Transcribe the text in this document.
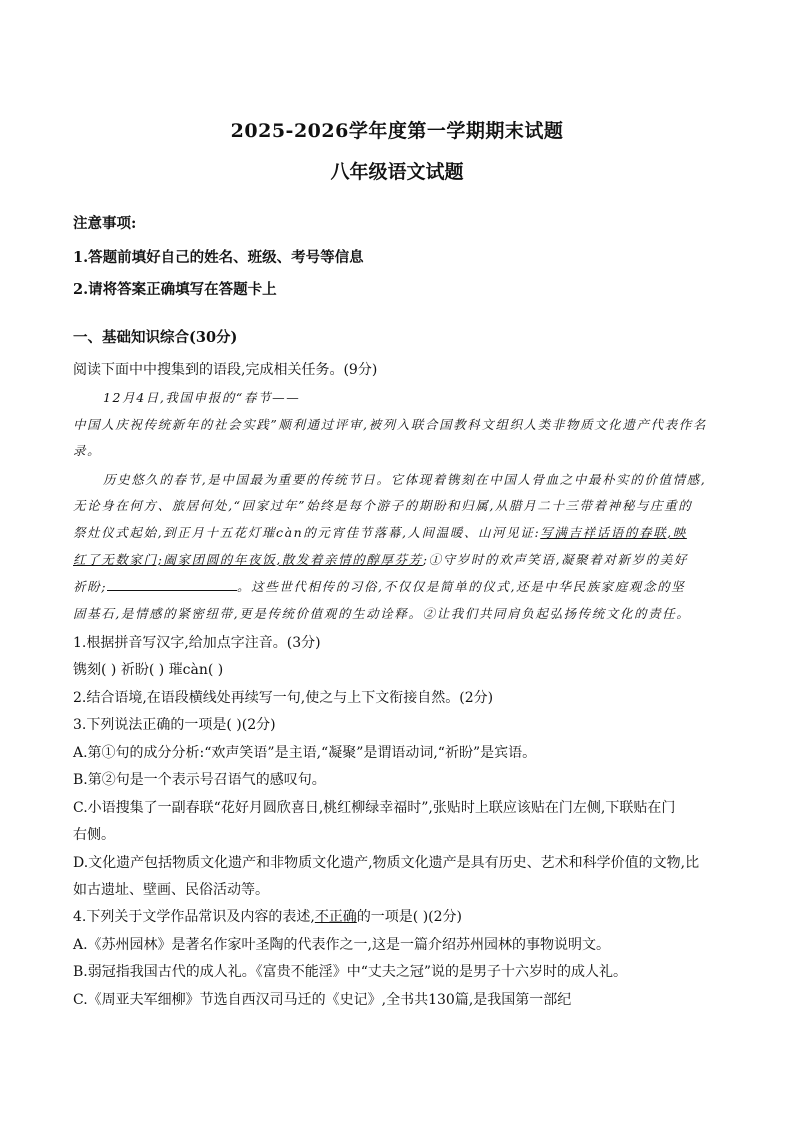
2025-2026学年度第一学期期末试题
八年级语文试题
注意事项:
1.答题前填好自己的姓名、班级、考号等信息
2.请将答案正确填写在答题卡上
一、基础知识综合(30分)
阅读下面中中搜集到的语段,完成相关任务。(9分)
12月4日,我国申报的“春节——
中国人庆祝传统新年的社会实践”顺利通过评审,被列入联合国教科文组织人类非物质文化遗产代表作名
录。
历史悠久的春节,是中国最为重要的传统节日。它体现着镌刻在中国人骨血之中最朴实的价值情感,
无论身在何方、旅居何处,“回家过年”始终是每个游子的期盼和归属,从腊月二十三带着神秘与庄重的
祭灶仪式起始,到正月十五花灯璀càn的元宵佳节落幕,人间温暖、山河见证:写满吉祥话语的春联,映
红了无数家门;阖家团圆的年夜饭,散发着亲情的醇厚芬芳;①守岁时的欢声笑语,凝聚着对新岁的美好
祈盼;	。这些世代相传的习俗,不仅仅是简单的仪式,还是中华民族家庭观念的坚
固基石,是情感的紧密纽带,更是传统价值观的生动诠释。②让我们共同肩负起弘扬传统文化的责任。
1.根据拼音写汉字,给加点字注音。(3分)
镌刻( ) 祈盼( ) 璀càn( )
2.结合语境,在语段横线处再续写一句,使之与上下文衔接自然。(2分)
3.下列说法正确的一项是( )(2分)
A.第①句的成分分析:“欢声笑语”是主语,“凝聚”是谓语动词,“祈盼”是宾语。
B.第②句是一个表示号召语气的感叹句。
C.小语搜集了一副春联“花好月圆欣喜日,桃红柳绿幸福时”,张贴时上联应该贴在门左侧,下联贴在门
右侧。
D.文化遗产包括物质文化遗产和非物质文化遗产,物质文化遗产是具有历史、艺术和科学价值的文物,比
如古遗址、壁画、民俗活动等。
4.下列关于文学作品常识及内容的表述,不正确的一项是( )(2分)
A.《苏州园林》是著名作家叶圣陶的代表作之一,这是一篇介绍苏州园林的事物说明文。
B.弱冠指我国古代的成人礼。《富贵不能淫》中“丈夫之冠”说的是男子十六岁时的成人礼。
C.《周亚夫军细柳》节选自西汉司马迁的《史记》,全书共130篇,是我国第一部纪
